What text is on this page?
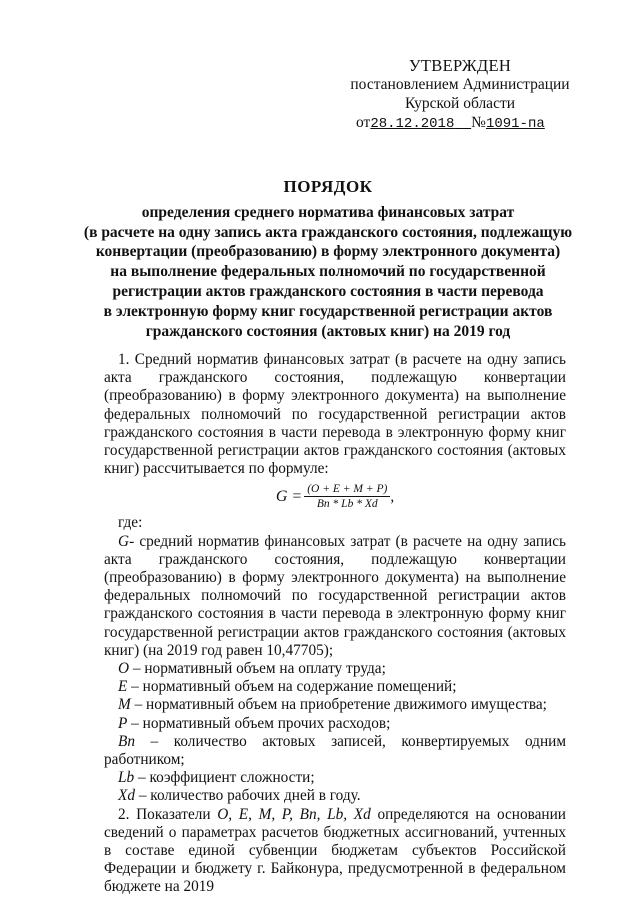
УТВЕРЖДЕН
постановлением Администрации
Курской области
от28.12.2018 №1091-па
ПОРЯДОК
определения среднего норматива финансовых затрат
(в расчете на одну запись акта гражданского состояния, подлежащую
конвертации (преобразованию) в форму электронного документа)
на выполнение федеральных полномочий по государственной
регистрации актов гражданского состояния в части перевода
в электронную форму книг государственной регистрации актов
гражданского состояния (актовых книг) на 2019 год

1. Средний норматив финансовых затрат (в расчете на одну запись акта гражданского состояния, подлежащую конвертации (преобразованию) в форму электронного документа) на выполнение федеральных полномочий по государственной регистрации актов гражданского состояния в части перевода в электронную форму книг государственной регистрации актов гражданского состояния (актовых книг) рассчитывается по формуле:

$G = \frac{(O + E + M + P)}{Bn * Lb * Xd}$ ,

где:

G- средний норматив финансовых затрат (в расчете на одну запись акта гражданского состояния, подлежащую конвертации (преобразованию) в форму электронного документа) на выполнение федеральных полномочий по государственной регистрации актов гражданского состояния в части перевода в электронную форму книг государственной регистрации актов гражданского состояния (актовых книг) (на 2019 год равен 10,47705);

O – нормативный объем на оплату труда;

E – нормативный объем на содержание помещений;

M – нормативный объем на приобретение движимого имущества;

P – нормативный объем прочих расходов;

Bn – количество актовых записей, конвертируемых одним работником;

Lb – коэффициент сложности;

Xd – количество рабочих дней в году.

2. Показатели O, E, M, P, Bn, Lb, Xd определяются на основании сведений о параметрах расчетов бюджетных ассигнований, учтенных в составе единой субвенции бюджетам субъектов Российской Федерации и бюджету г. Байконура, предусмотренной в федеральном бюджете на 2019
